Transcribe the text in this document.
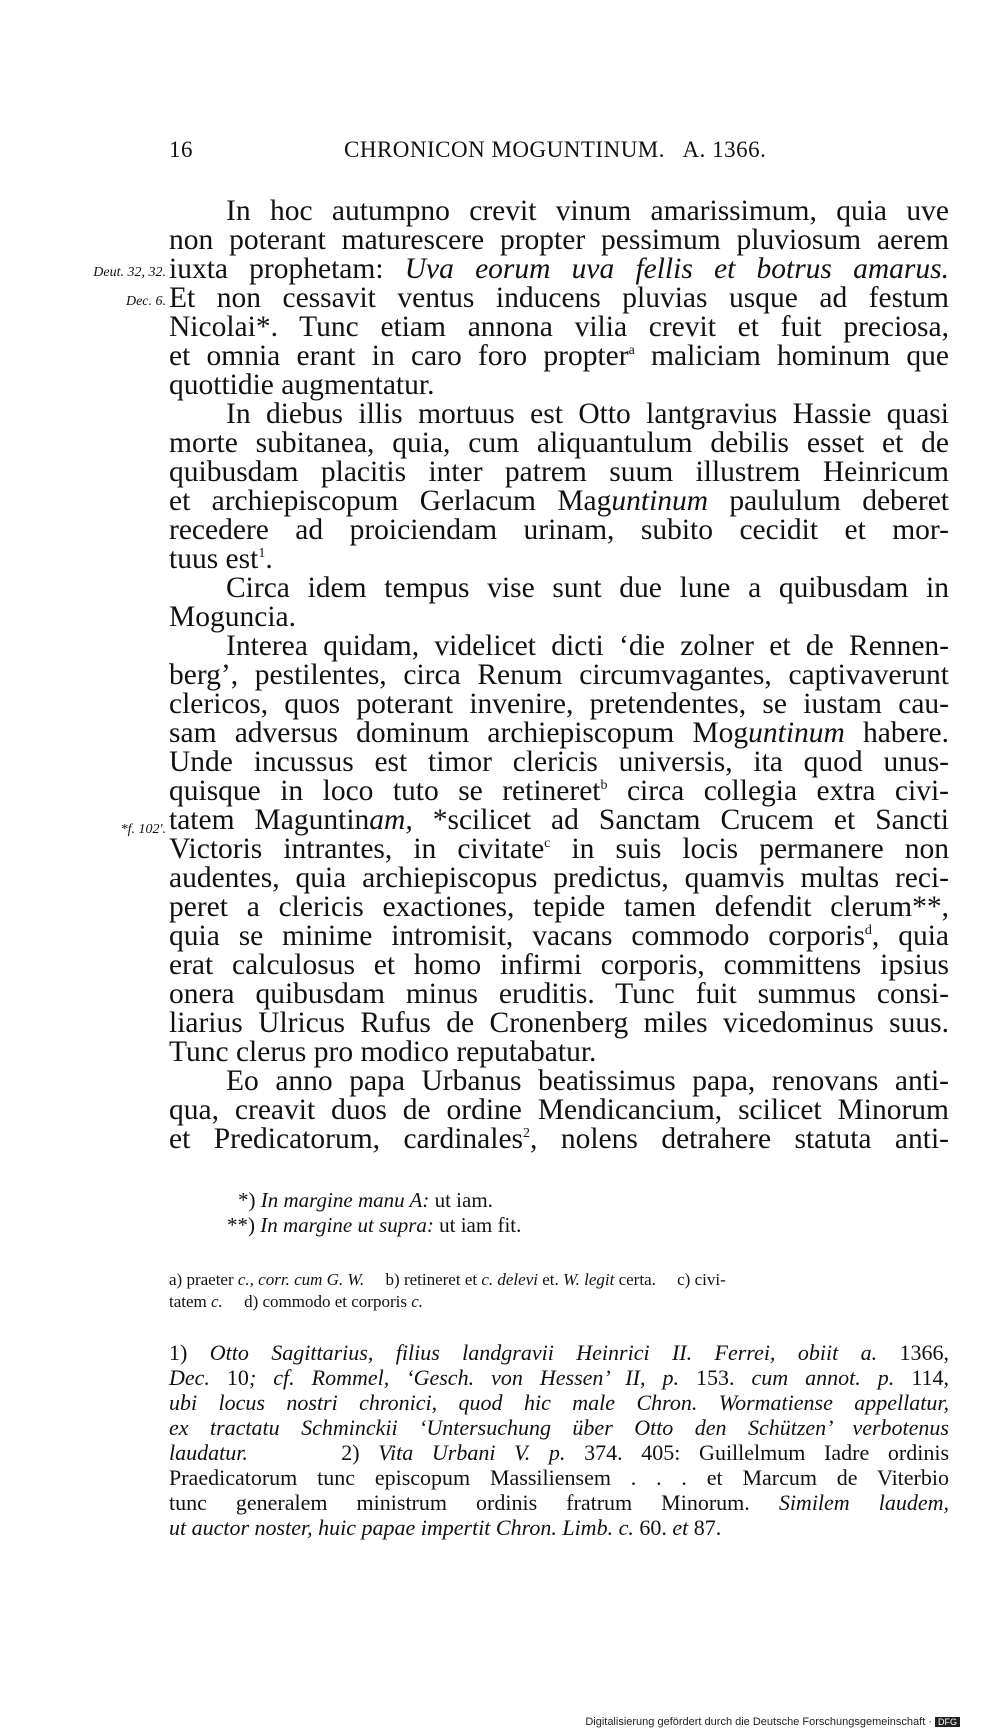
16	CHRONICON MOGUNTINUM.   A. 1366.
Deut. 32, 32.
Dec. 6.
*f. 102'.
In hoc autumpno crevit vinum amarissimum, quia uve
non poterant maturescere propter pessimum pluviosum aerem
iuxta prophetam: Uva eorum uva fellis et botrus amarus.
Et non cessavit ventus inducens pluvias usque ad festum
Nicolai*. Tunc etiam annona vilia crevit et fuit preciosa,
et omnia erant in caro foro propter$^a$ maliciam hominum que
quottidie augmentatur.
In diebus illis mortuus est Otto lantgravius Hassie quasi
morte subitanea, quia, cum aliquantulum debilis esset et de
quibusdam placitis inter patrem suum illustrem Heinricum
et archiepiscopum Gerlacum Maguntinum paululum deberet
recedere ad proiciendam urinam, subito cecidit et mor-
tuus est$^1$.
Circa idem tempus vise sunt due lune a quibusdam in
Moguncia.
Interea quidam, videlicet dicti ‘die zolner et de Rennen-
berg’, pestilentes, circa Renum circumvagantes, captivaverunt
clericos, quos poterant invenire, pretendentes, se iustam cau-
sam adversus dominum archiepiscopum Moguntinum habere.
Unde incussus est timor clericis universis, ita quod unus-
quisque in loco tuto se retineret$^b$ circa collegia extra civi-
tatem Maguntinam, *scilicet ad Sanctam Crucem et Sancti
Victoris intrantes, in civitate$^c$ in suis locis permanere non
audentes, quia archiepiscopus predictus, quamvis multas reci-
peret a clericis exactiones, tepide tamen defendit clerum**,
quia se minime intromisit, vacans commodo corporis$^d$, quia
erat calculosus et homo infirmi corporis, committens ipsius
onera quibusdam minus eruditis. Tunc fuit summus consi-
liarius Ulricus Rufus de Cronenberg miles vicedominus suus.
Tunc clerus pro modico reputabatur.
Eo anno papa Urbanus beatissimus papa, renovans anti-
qua, creavit duos de ordine Mendicancium, scilicet Minorum
et Predicatorum, cardinales$^2$, nolens detrahere statuta anti-
*) In margine manu A: ut iam.
**) In margine ut supra: ut iam fit.
a) praeter c., corr. cum G. W.     b) retineret et c. delevi et. W. legit certa.     c) civi-
tatem c.     d) commodo et corporis c.
1) Otto Sagittarius, filius landgravii Heinrici II. Ferrei, obiit a. 1366,
Dec. 10; cf. Rommel, ‘Gesch. von Hessen’ II, p. 153. cum annot. p. 114,
ubi locus nostri chronici, quod hic male Chron. Wormatiense appellatur,
ex tractatu Schminckii ‘Untersuchung über Otto den Schützen’ verbotenus
laudatur.     2) Vita Urbani V. p. 374. 405: Guillelmum Iadre ordinis
Praedicatorum tunc episcopum Massiliensem . . . et Marcum de Viterbio
tunc generalem ministrum ordinis fratrum Minorum. Similem laudem,
ut auctor noster, huic papae impertit Chron. Limb. c. 60. et 87.
Digitalisierung gefördert durch die Deutsche Forschungsgemeinschaft · DFG
